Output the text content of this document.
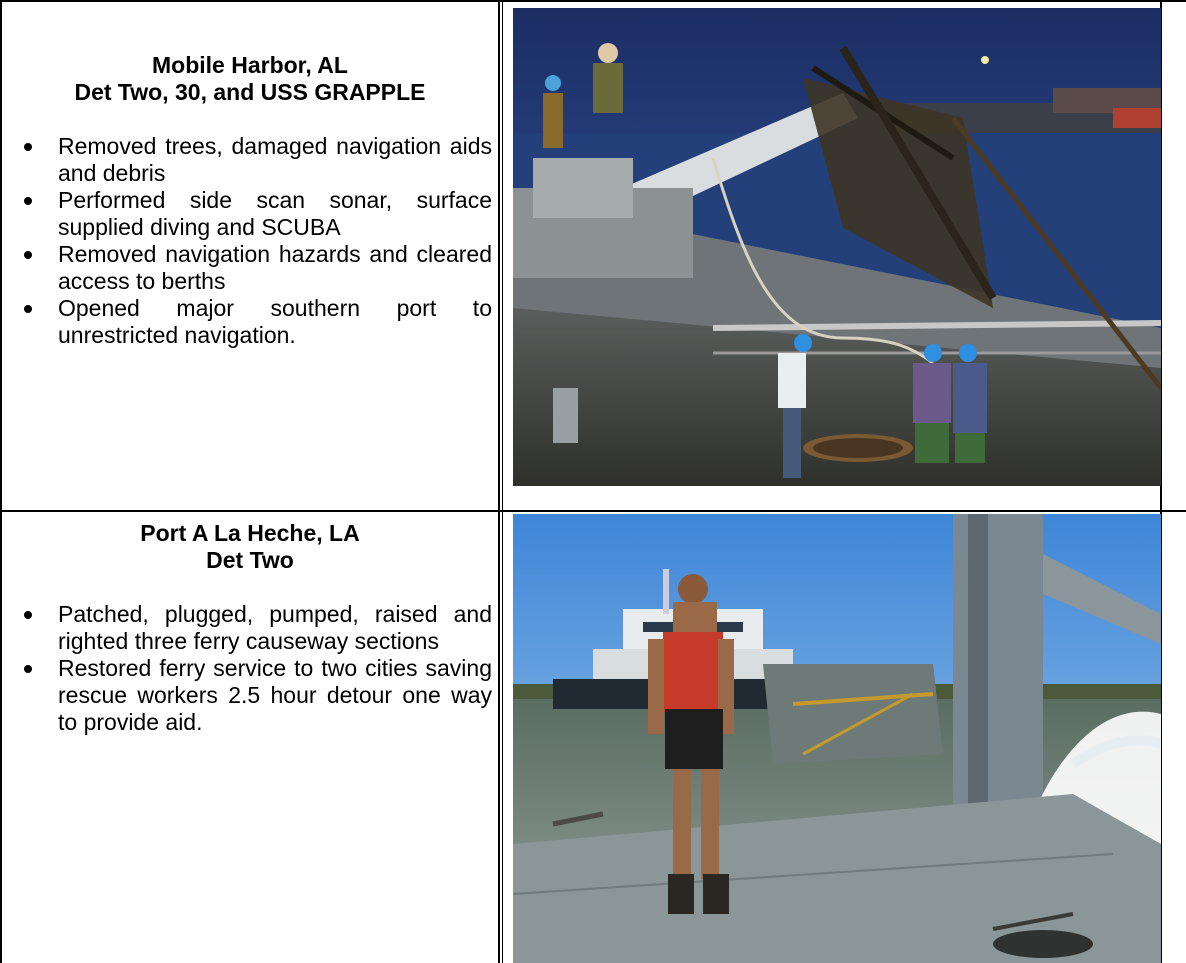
Mobile Harbor, AL
Det Two, 30, and USS GRAPPLE
Removed trees, damaged navigation aids and debris
Performed side scan sonar, surface supplied diving and SCUBA
Removed navigation hazards and cleared access to berths
Opened major southern port to unrestricted navigation.
Port A La Heche, LA
Det Two
Patched, plugged, pumped, raised and righted three ferry causeway sections
Restored ferry service to two cities saving rescue workers 2.5 hour detour one way to provide aid.
